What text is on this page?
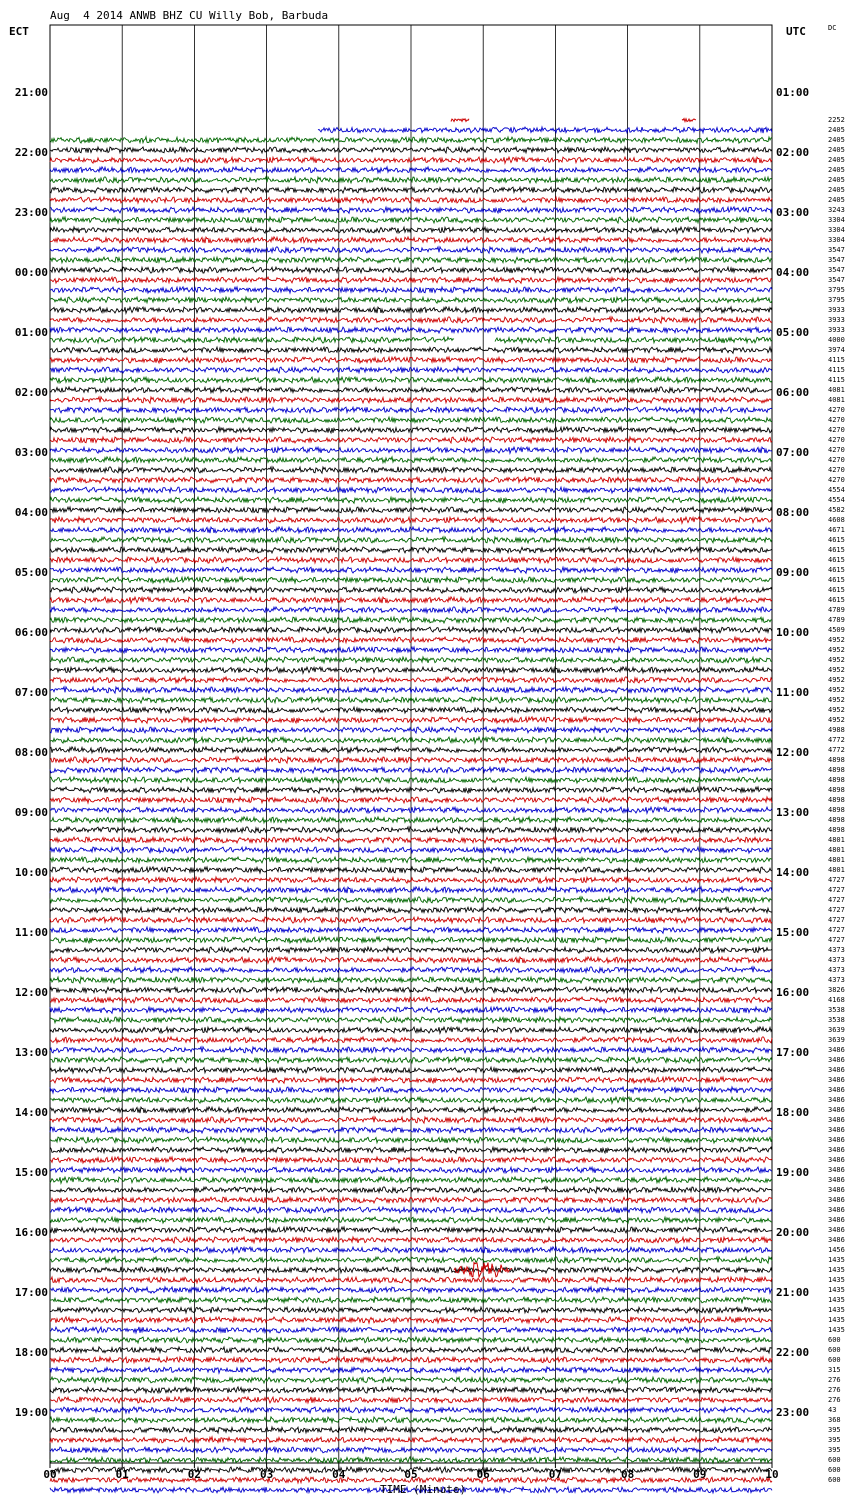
Aug  4 2014 ANWB BHZ CU Willy Bob, Barbuda
ECT	UTC	DC
00	01	02	03	04	05	06	07	08	09	10
21:00
22:00
23:00
00:00
01:00
02:00
03:00
04:00
05:00
06:00
07:00
08:00
09:00
10:00
11:00
12:00
13:00
14:00
15:00
16:00
17:00
18:00
19:00
01:00
02:00
03:00
04:00
05:00
06:00
07:00
08:00
09:00
10:00
11:00
12:00
13:00
14:00
15:00
16:00
17:00
18:00
19:00
20:00
21:00
22:00
23:00
2252
2405
2405
2405
2405
2405
2405
2405
2405
3243
3304
3304
3304
3547
3547
3547
3547
3795
3795
3933
3933
3933
4000
3974
4115
4115
4115
4081
4081
4270
4270
4270
4270
4270
4270
4270
4270
4554
4554
4582
4608
4671
4615
4615
4615
4615
4615
4615
4615
4789
4789
4509
4952
4952
4952
4952
4952
4952
4952
4952
4952
4988
4772
4772
4898
4898
4898
4898
4898
4898
4898
4898
4801
4801
4801
4801
4727
4727
4727
4727
4727
4727
4727
4373
4373
4373
4373
3826
4168
3538
3538
3639
3639
3486
3486
3486
3486
3486
3486
3486
3486
3486
3486
3486
3486
3486
3486
3486
3486
3486
3486
3486
3486
1456
1435
1435
1435
1435
1435
1435
1435
1435
600
600
600
315
276
276
276
43
368
395
395
395
600
600
600
TIME (Minute)
